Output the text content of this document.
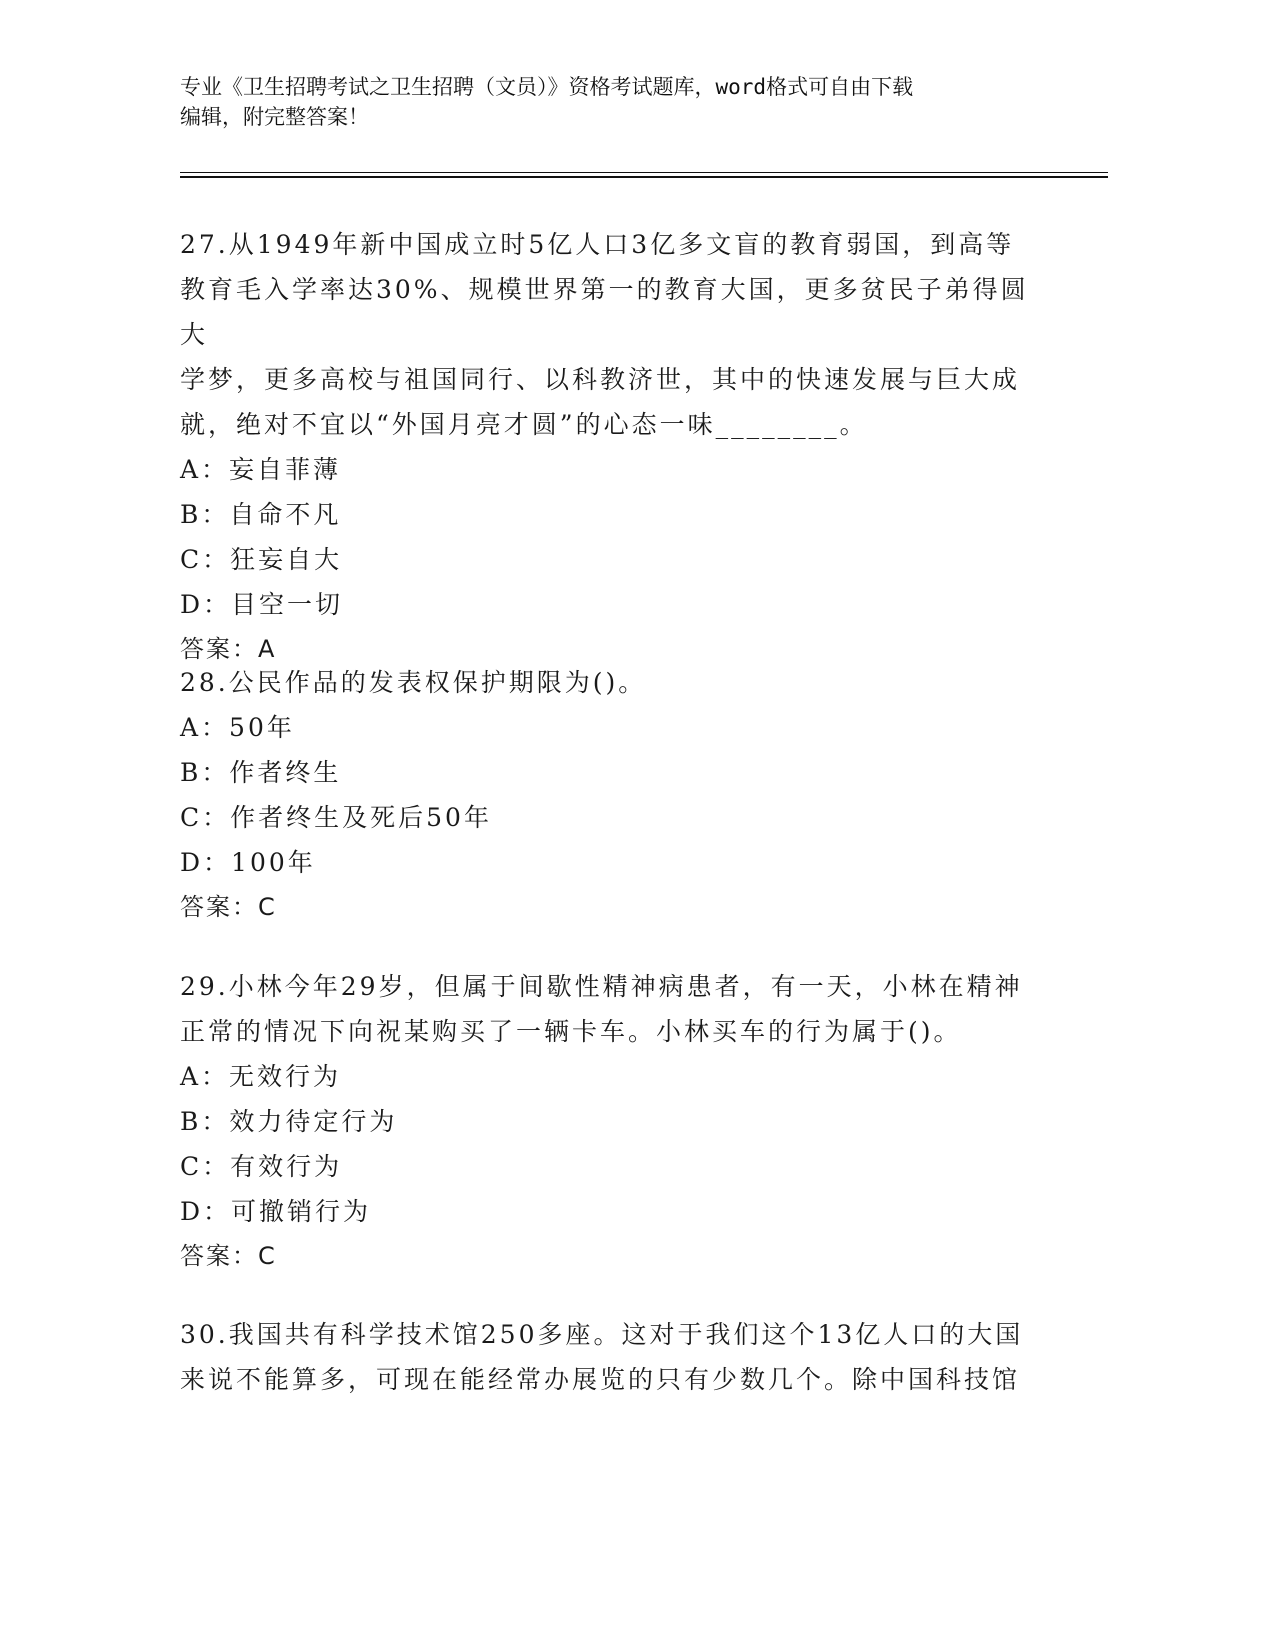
专业《卫生招聘考试之卫生招聘（文员）》资格考试题库，word格式可自由下载
编辑，附完整答案！

27.从1949年新中国成立时5亿人口3亿多文盲的教育弱国，到高等

教育毛入学率达30%、规模世界第一的教育大国，更多贫民子弟得圆大

学梦，更多高校与祖国同行、以科教济世，其中的快速发展与巨大成

就，绝对不宜以“外国月亮才圆”的心态一味________。

A：妄自菲薄

B：自命不凡

C：狂妄自大

D：目空一切

答案：A

28.公民作品的发表权保护期限为()。

A：50年

B：作者终生

C：作者终生及死后50年

D：100年

答案：C

29.小林今年29岁，但属于间歇性精神病患者，有一天，小林在精神

正常的情况下向祝某购买了一辆卡车。小林买车的行为属于()。

A：无效行为

B：效力待定行为

C：有效行为

D：可撤销行为

答案：C

30.我国共有科学技术馆250多座。这对于我们这个13亿人口的大国

来说不能算多，可现在能经常办展览的只有少数几个。除中国科技馆
